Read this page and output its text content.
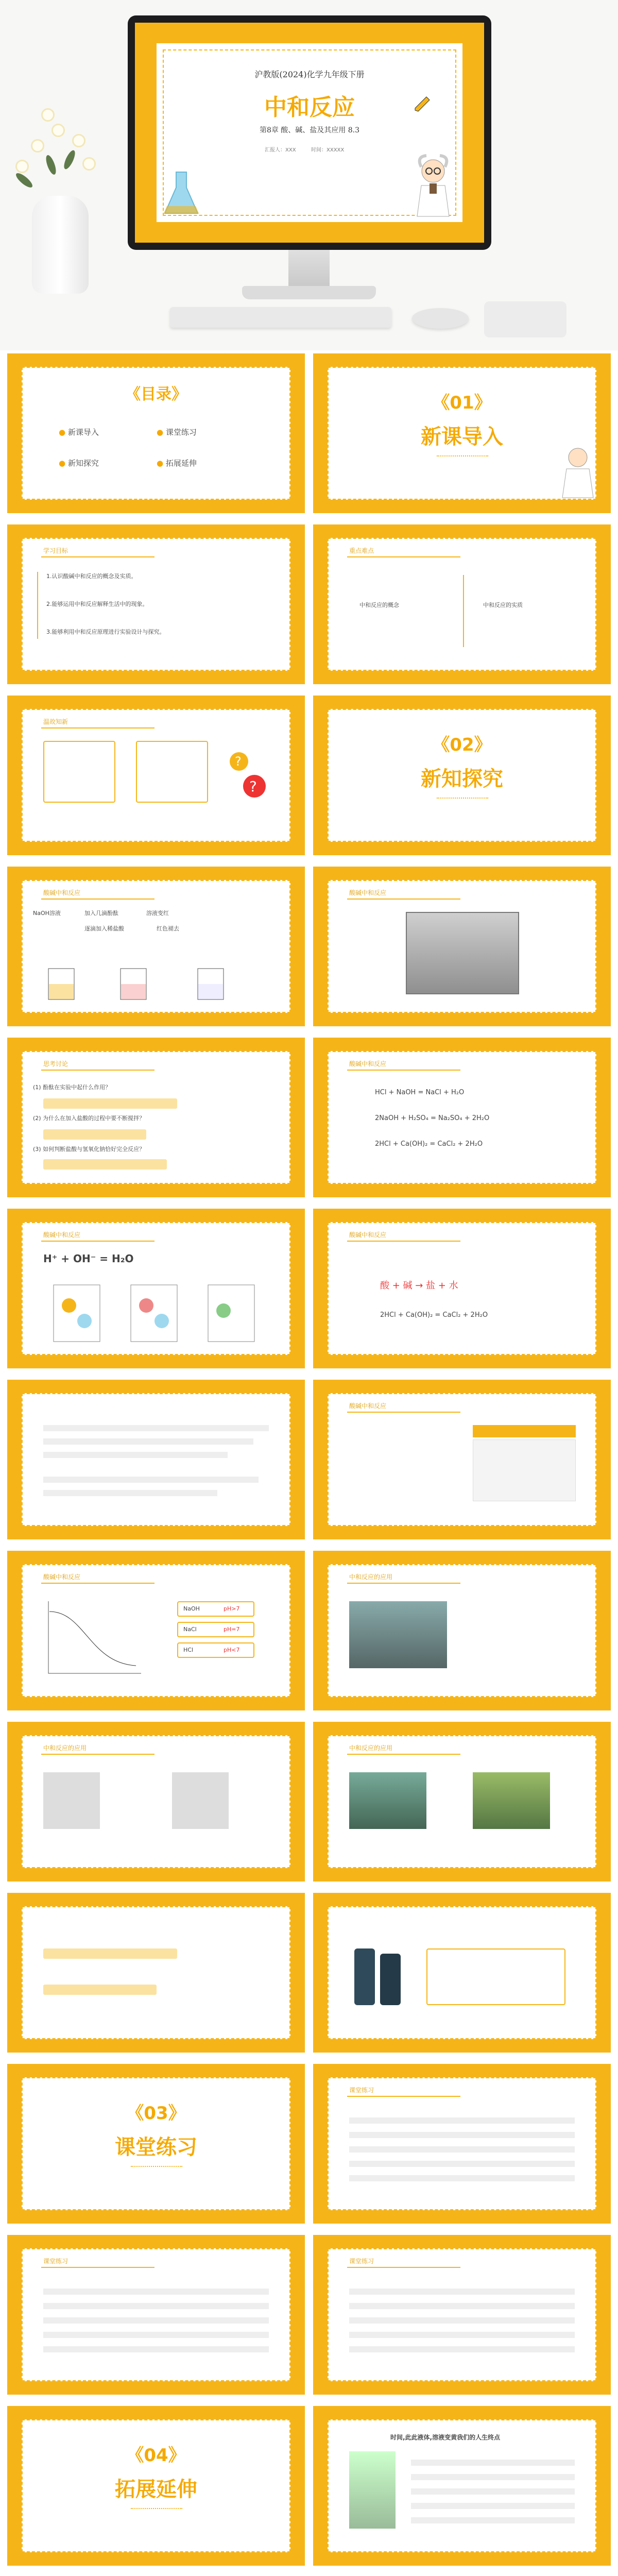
沪教版(2024)化学九年级下册
中和反应
第8章 酸、碱、盐及其应用 8.3
汇报人：XXX	时间：XXXXX
《目录》
● 新课导入	● 课堂练习
● 新知探究	● 拓展延伸
《01》
新课导入
学习目标
1.认识酸碱中和反应的概念及实质。
2.能够运用中和反应解释生活中的现象。
3.能够利用中和反应原理进行实验设计与探究。
重点难点
中和反应的概念	中和反应的实质
温故知新
?
?
《02》
新知探究
酸碱中和反应
NaOH溶液	加入几滴酚酞	溶液变红
逐滴加入稀盐酸	红色褪去
酸碱中和反应
思考讨论
(1) 酚酞在实验中起什么作用？
(2) 为什么在加入盐酸的过程中要不断搅拌？
(3) 如何判断盐酸与氢氧化钠恰好完全反应？
酸碱中和反应
HCl + NaOH = NaCl + H₂O
2NaOH + H₂SO₄ = Na₂SO₄ + 2H₂O
2HCl + Ca(OH)₂ = CaCl₂ + 2H₂O
酸碱中和反应
H⁺ + OH⁻ = H₂O
酸碱中和反应
酸 + 碱 → 盐 + 水
2HCl + Ca(OH)₂ = CaCl₂ + 2H₂O
酸碱中和反应
酸碱中和反应
NaOH	pH>7
NaCl	pH=7
HCl	pH<7
中和反应的应用
中和反应的应用	中和反应的应用
《03》
课堂练习
课堂练习
课堂练习	课堂练习
《04》
拓展延伸
时间,此此液体,溶液变黄我们的人生终点
